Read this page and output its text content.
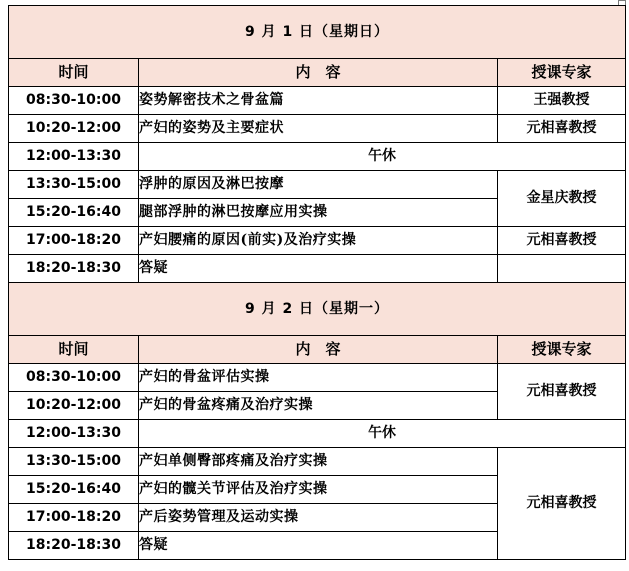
9 月 1 日（星期日）		
时间	内　容	授课专家
08:30-10:00	姿势解密技术之骨盆篇	王强教授
10:20-12:00	产妇的姿势及主要症状	元相喜教授
12:00-13:30	午休	
13:30-15:00	浮肿的原因及淋巴按摩	金星庆教授
15:20-16:40	腿部浮肿的淋巴按摩应用实操	
17:00-18:20	产妇腰痛的原因(前实)及治疗实操	元相喜教授
18:20-18:30	答疑	
9 月 2 日（星期一）		
时间	内　容	授课专家
08:30-10:00	产妇的骨盆评估实操	元相喜教授
10:20-12:00	产妇的骨盆疼痛及治疗实操	
12:00-13:30	午休	
13:30-15:00	产妇单侧臀部疼痛及治疗实操	元相喜教授
15:20-16:40	产妇的髋关节评估及治疗实操	
17:00-18:20	产后姿势管理及运动实操	
18:20-18:30	答疑	
